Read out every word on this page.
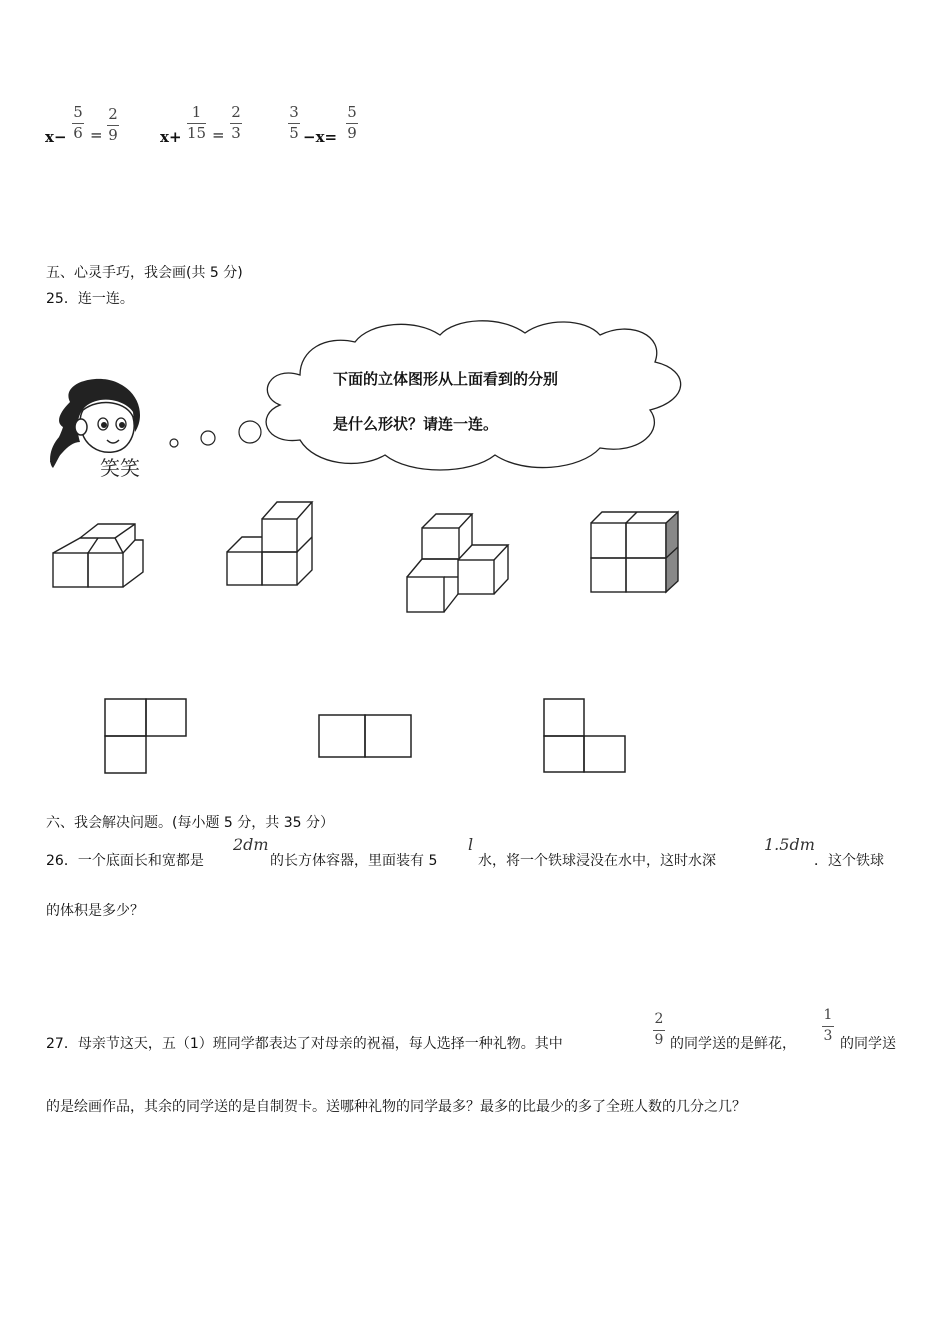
x−
5
6 =
2
9	x+
1
15 =
2
3
3
5 −x=
5
9
五、心灵手巧，我会画(共 5 分)
25．连一连。
下面的立体图形从上面看到的分别
是什么形状？请连一连。
笑笑
六、我会解决问题。(每小题 5 分，共 35 分）
26．一个底面长和宽都是
2dm
的长方体容器，里面装有 5
l
水，将一个铁球浸没在水中，这时水深
1.5dm
．这个铁球
的体积是多少？
27．母亲节这天，五（1）班同学都表达了对母亲的祝福，每人选择一种礼物。其中
2
9 的同学送的是鲜花，
1
3 的同学送
的是绘画作品，其余的同学送的是自制贺卡。送哪种礼物的同学最多？最多的比最少的多了全班人数的几分之几？
